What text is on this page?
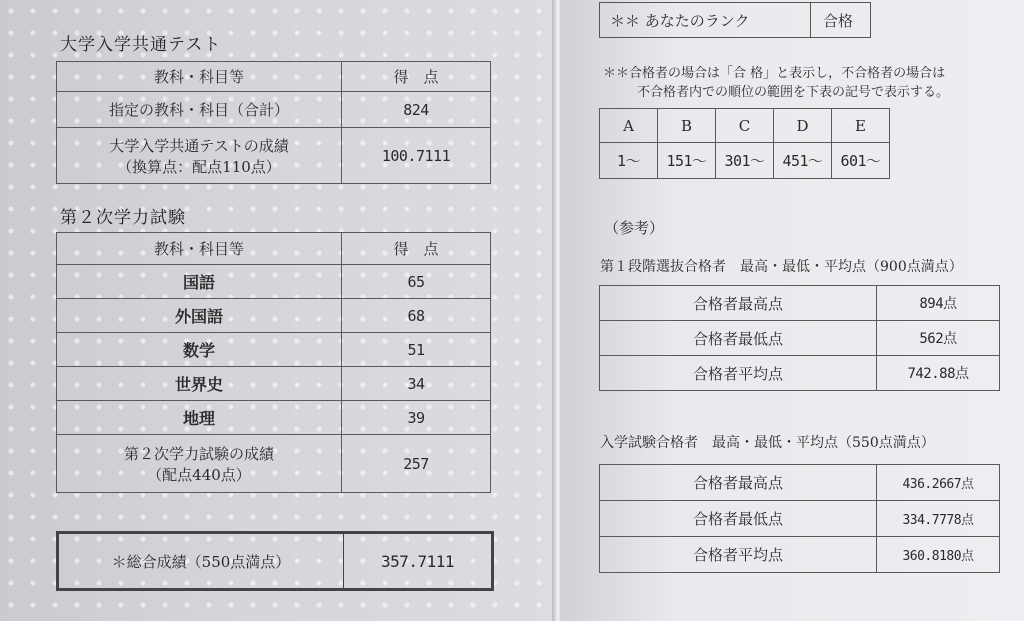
大学入学共通テスト
教科・科目等	得　点
指定の教科・科目（合計）	824

大学入学共通テストの成績
（換算点：配点110点）	100.7111
第２次学力試験
教科・科目等	得　点
国語	65
外国語	68
数学	51
世界史	34
地理	39

第２次学力試験の成績
（配点440点）	257
＊総合成績（550点満点）	357.7111
＊＊ あなたのランク	合格
＊＊合格者の場合は「合 格」と表示し，不合格者の場合は
不合格者内での順位の範囲を下表の記号で表示する。
A	B	C	D	E
1〜	151〜	301〜	451〜	601〜
（参考）
第１段階選抜合格者　最高・最低・平均点（900点満点）
合格者最高点	894点
合格者最低点	562点
合格者平均点	742.88点
入学試験合格者　最高・最低・平均点（550点満点）
合格者最高点	436.2667点
合格者最低点	334.7778点
合格者平均点	360.8180点
